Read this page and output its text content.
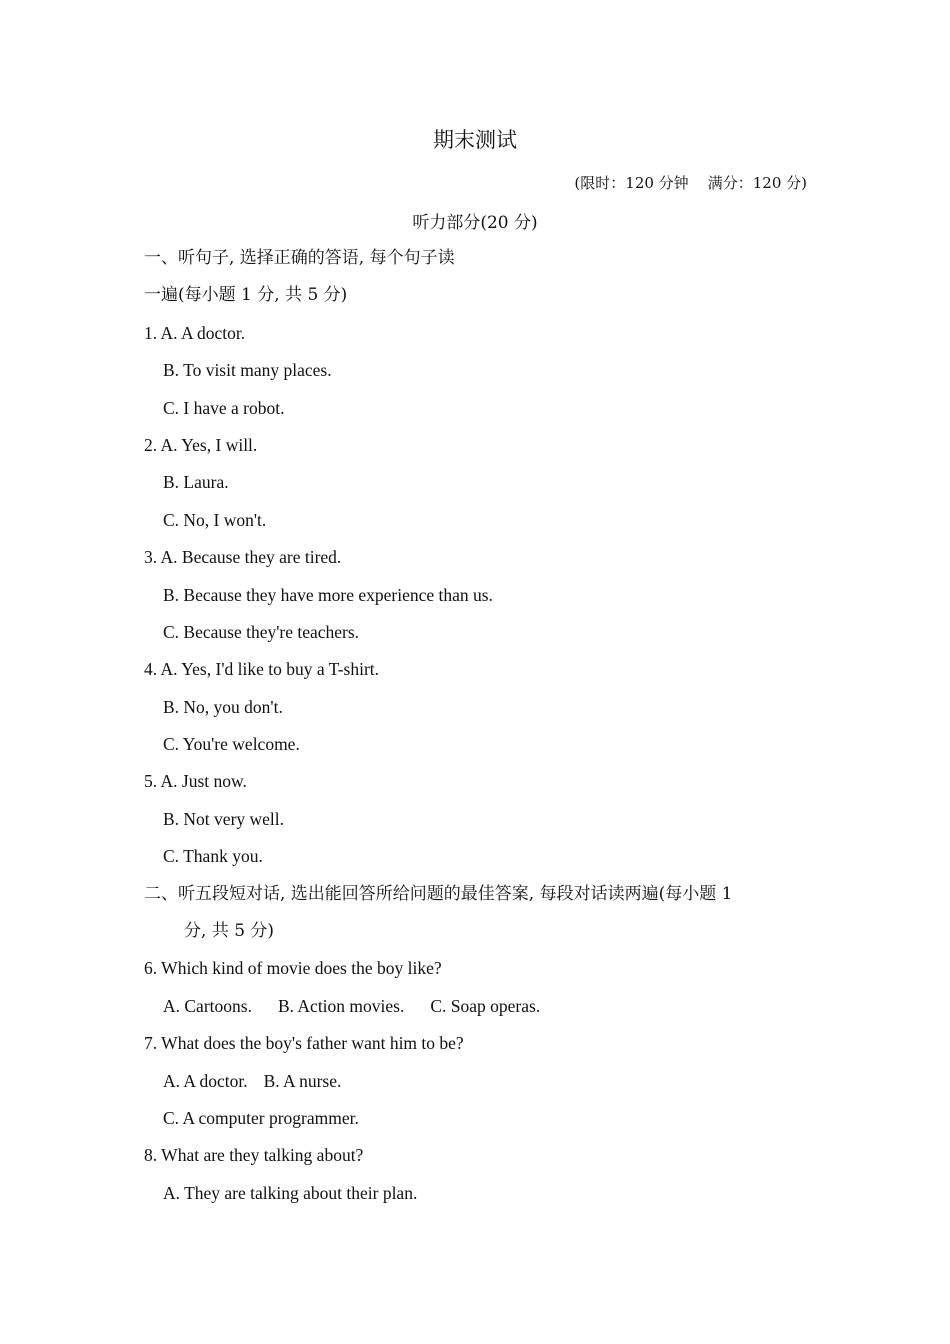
期末测试
(限时：120 分钟    满分：120 分)
听力部分(20 分)
一、听句子, 选择正确的答语, 每个句子读
一遍(每小题 1 分, 共 5 分)
1. A. A doctor.
B. To visit many places.
C. I have a robot.
2. A. Yes, I will.
B. Laura.
C. No, I won't.
3. A. Because they are tired.
B. Because they have more experience than us.
C. Because they're teachers.
4. A. Yes, I'd like to buy a T-shirt.
B. No, you don't.
C. You're welcome.
5. A. Just now.
B. Not very well.
C. Thank you.
二、听五段短对话, 选出能回答所给问题的最佳答案, 每段对话读两遍(每小题 1
分, 共 5 分)
6. Which kind of movie does the boy like?
A. Cartoons. B. Action movies. C. Soap operas.
7. What does the boy's father want him to be?
A. A doctor. B. A nurse.
C. A computer programmer.
8. What are they talking about?
A. They are talking about their plan.
